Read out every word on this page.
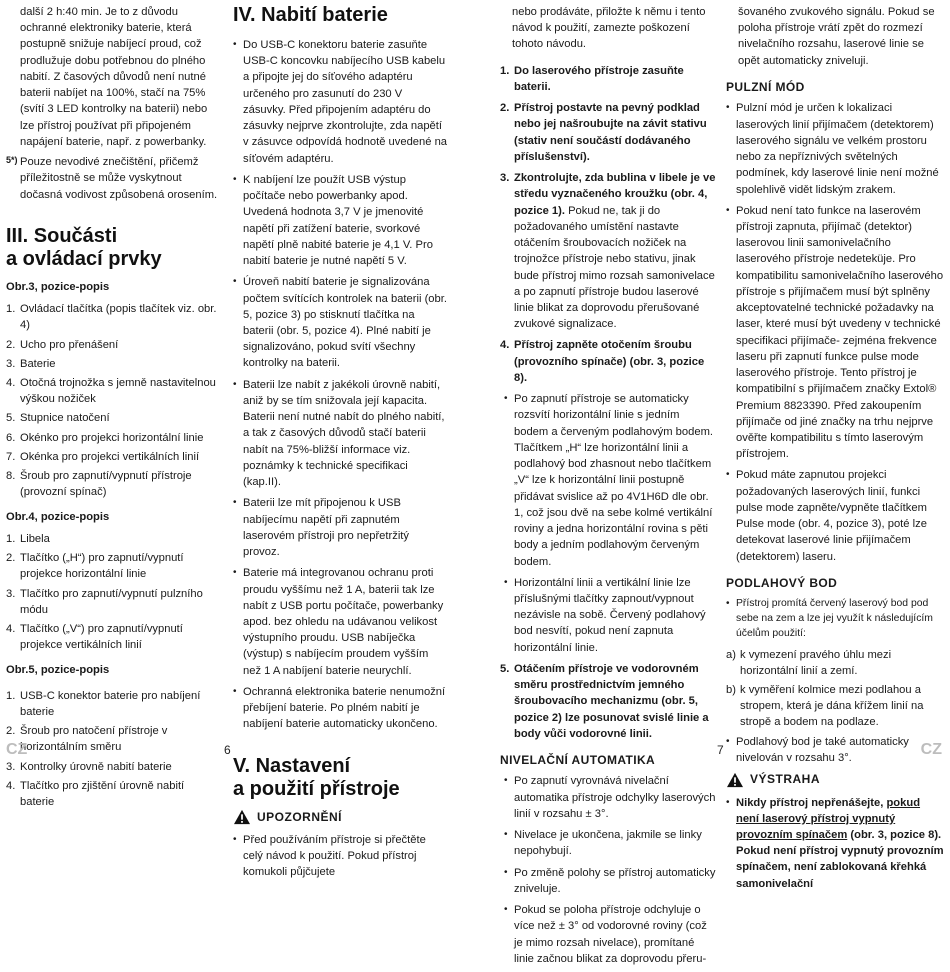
další 2 h:40 min. Je to z důvodu ochranné elektroniky baterie, která postupně snižuje nabíjecí proud, což prodlužuje dobu potřebnou do plného nabití. Z časových důvodů není nutné baterii nabíjet na 100%, stačí na 75% (svítí 3 LED kontrolky na baterii) nebo lze přístroj používat při připojeném napájení baterie, např. z powerbanky.

5*) Pouze nevodivé znečištění, přičemž příležitostně se může vyskytnout dočasná vodivost způsobená orosením.

III. Součásti
a ovládací prvky
Obr.3, pozice-popis
1. Ovládací tlačítka (popis tlačítek viz. obr. 4)
2. Ucho pro přenášení
3. Baterie
4. Otočná trojnožka s jemně nastavitelnou výškou nožiček
5. Stupnice natočení
6. Okénko pro projekci horizontální linie
7. Okénka pro projekci vertikálních linií
8. Šroub pro zapnutí/vypnutí přístroje (provozní spínač)
Obr.4, pozice-popis
1. Libela
2. Tlačítko („H“) pro zapnutí/vypnutí projekce horizontální linie
3. Tlačítko pro zapnutí/vypnutí pulzního módu
4. Tlačítko („V“) pro zapnutí/vypnutí projekce vertikálních linií
Obr.5, pozice-popis
1. USB-C konektor baterie pro nabíjení baterie
2. Šroub pro natočení přístroje v horizontálním směru
3. Kontrolky úrovně nabití baterie
4. Tlačítko pro zjištění úrovně nabití baterie
IV. Nabití baterie
• Do USB-C konektoru baterie zasuňte USB-C koncovku nabíjecího USB kabelu a připojte jej do síťového adaptéru určeného pro zasunutí do 230 V zásuvky. Před připojením adaptéru do zásuvky nejprve zkontrolujte, zda napětí v zásuvce odpovídá hodnotě uvedené na síťovém adaptéru.
• K nabíjení lze použít USB výstup počítače nebo powerbanky apod. Uvedená hodnota 3,7 V je jmenovité napětí při zatížení baterie, svorkové napětí plně nabité baterie je 4,1 V. Pro nabití baterie je nutné napětí 5 V.
• Úroveň nabití baterie je signalizována počtem svítících kontrolek na baterii (obr. 5, pozice 3) po stisknutí tlačítka na baterii (obr. 5, pozice 4). Plné nabití je signalizováno, pokud svítí všechny kontrolky na baterii.
• Baterii lze nabít z jakékoli úrovně nabití, aniž by se tím snižovala její kapacita. Baterii není nutné nabít do plného nabití, a tak z časových důvodů stačí baterii nabít na 75%-bližší informace viz. poznámky k technické specifikaci (kap.II).
• Baterii lze mít připojenou k USB nabíjecímu napětí při zapnutém laserovém přístroji pro nepřetržitý provoz.
• Baterie má integrovanou ochranu proti proudu vyššímu než 1 A, baterii tak lze nabít z USB portu počítače, powerbanky apod. bez ohledu na udávanou velikost výstupního proudu. USB nabíječka (výstup) s nabíjecím proudem vyšším než 1 A nabíjení baterie neurychlí.
• Ochranná elektronika baterie nenumožní přebíjení baterie. Po plném nabití je nabíjení baterie automaticky ukončeno.
V. Nastavení
a použití přístroje
UPOZORNĚNÍ
• Před používáním přístroje si přečtěte celý návod k použití. Pokud přístroj komukoli půjčujete

nebo prodáváte, přiložte k němu i tento návod k použití, zamezte poškození tohoto návodu.

1. Do laserového přístroje zasuňte baterii.
2. Přístroj postavte na pevný podklad nebo jej našroubujte na závit stativu (stativ není součástí dodávaného příslušenství).
3. Zkontrolujte, zda bublina v libele je ve středu vyznačeného kroužku (obr. 4, pozice 1). Pokud ne, tak ji do požadovaného umístění nastavte otáčením šroubovacích nožiček na trojnožce přístroje nebo stativu, jinak bude přístroj mimo rozsah samonivelace a po zapnutí přístroje budou laserové linie blikat za doprovodu přerušované zvukové signalizace.
4. Přístroj zapněte otočením šroubu (provozního spínače) (obr. 3, pozice 8).
• Po zapnutí přístroje se automaticky rozsvítí horizontální linie s jedním bodem a červeným podlahovým bodem. Tlačítkem „H“ lze horizontální linii a podlahový bod zhasnout nebo tlačítkem „V“ lze k horizontální linii postupně přidávat svislice až po 4V1H6D dle obr. 1, což jsou dvě na sebe kolmé vertikální roviny a jedna horizontální rovina s pěti body a jedním podlahovým červeným bodem.
• Horizontální linii a vertikální linie lze příslušnými tlačítky zapnout/vypnout nezávisle na sobě. Červený podlahový bod nesvítí, pokud není zapnuta horizontální linie.
5. Otáčením přístroje ve vodorovném směru prostřednictvím jemného šroubovacího mechanizmu (obr. 5, pozice 2) lze posunovat svislé linie a body vůči vodorovné linii.
NIVELAČNÍ AUTOMATIKA
• Po zapnutí vyrovnává nivelační automatika přístroje odchylky laserových linií v rozsahu ± 3°.
• Nivelace je ukončena, jakmile se linky nepohybují.
• Po změně polohy se přístroj automaticky zniveluje.
• Pokud se poloha přístroje odchyluje o více než ± 3° od vodorovné roviny (což je mimo rozsah nivelace), promítané linie začnou blikat za doprovodu přeru-

šovaného zvukového signálu. Pokud se poloha přístroje vrátí zpět do rozmezí nivelačního rozsahu, laserové linie se opět automaticky zniveluji.

PULZNÍ MÓD
• Pulzní mód je určen k lokalizaci laserových linií přijímačem (detektorem) laserového signálu ve velkém prostoru nebo za nepříznivých světelných podmínek, kdy laserové linie není možné spolehlivě vidět lidským zrakem.
• Pokud není tato funkce na laserovém přístroji zapnuta, přijímač (detektor) laserovou linii samonivelačního laserového přístroje nedeteküje. Pro kompatibilitu samonivelačního laserového přístroje s přijímačem musí být splněny akceptovatelné technické požadavky na laser, které musí být uvedeny v technické specifikaci přijímače- zejména frekvence laseru při zapnutí funkce pulse mode laserového přístroje. Tento přístroj je kompatibilní s přijímačem značky Extol® Premium 8823390. Před zakoupením přijímače od jiné značky na trhu nejprve ověřte kompatibilitu s tímto laserovým přístrojem.
• Pokud máte zapnutou projekci požadovaných laserových linií, funkci pulse mode zapněte/vypněte tlačítkem Pulse mode (obr. 4, pozice 3), poté lze detekovat laserové linie přijímačem (detektorem) laseru.
PODLAHOVÝ BOD
• Přístroj promítá červený laserový bod pod sebe na zem a lze jej využít k následujícím účelům použití:
a) k vymezení pravého úhlu mezi horizontální linií a zemí.
b) k vyměření kolmice mezi podlahou a stropem, která je dána křížem linií na stropě a bodem na podlaze.
• Podlahový bod je také automaticky nivelován v rozsahu 3°.
VÝSTRAHA
• Nikdy přístroj nepřenášejte, pokud není laserový přístroj vypnutý provozním spínačem (obr. 3, pozice 8). Pokud není přístroj vypnutý provozním spínačem, není zablokovaná křehká samonivelační
CZ	6	7	CZ
